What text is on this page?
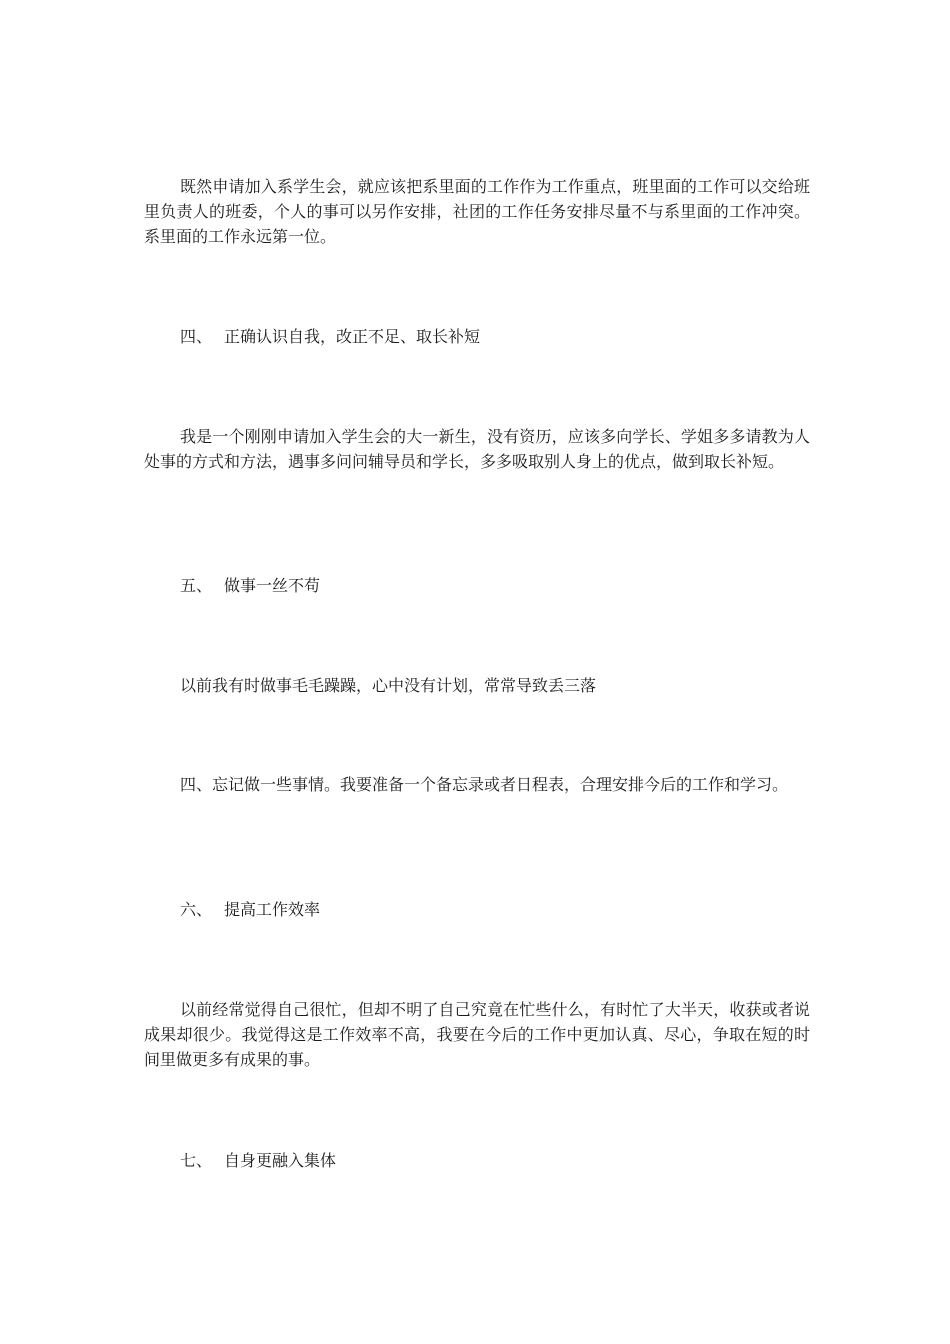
既然申请加入系学生会，就应该把系里面的工作作为工作重点，班里面的工作可以交给班里负责人的班委，个人的事可以另作安排，社团的工作任务安排尽量不与系里面的工作冲突。系里面的工作永远第一位。

四、 正确认识自我，改正不足、取长补短

我是一个刚刚申请加入学生会的大一新生，没有资历，应该多向学长、学姐多多请教为人处事的方式和方法，遇事多问问辅导员和学长，多多吸取别人身上的优点，做到取长补短。

五、 做事一丝不苟

以前我有时做事毛毛躁躁，心中没有计划，常常导致丢三落

四、忘记做一些事情。我要准备一个备忘录或者日程表，合理安排今后的工作和学习。

六、 提高工作效率

以前经常觉得自己很忙，但却不明了自己究竟在忙些什么，有时忙了大半天，收获或者说成果却很少。我觉得这是工作效率不高，我要在今后的工作中更加认真、尽心，争取在短的时间里做更多有成果的事。

七、 自身更融入集体
